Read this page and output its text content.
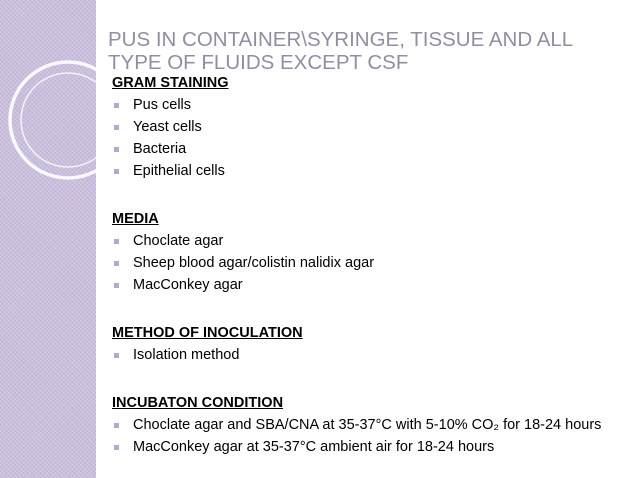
PUS IN CONTAINER\SYRINGE, TISSUE AND ALL TYPE OF FLUIDS EXCEPT CSF
GRAM STAINING
Pus cells
Yeast cells
Bacteria
Epithelial cells
MEDIA
Choclate agar
Sheep blood agar/colistin nalidix agar
MacConkey agar
METHOD OF INOCULATION
Isolation method
INCUBATON CONDITION
Choclate agar and SBA/CNA at 35-37°C with 5-10% CO₂ for 18-24 hours
MacConkey agar at 35-37°C ambient air for 18-24 hours
